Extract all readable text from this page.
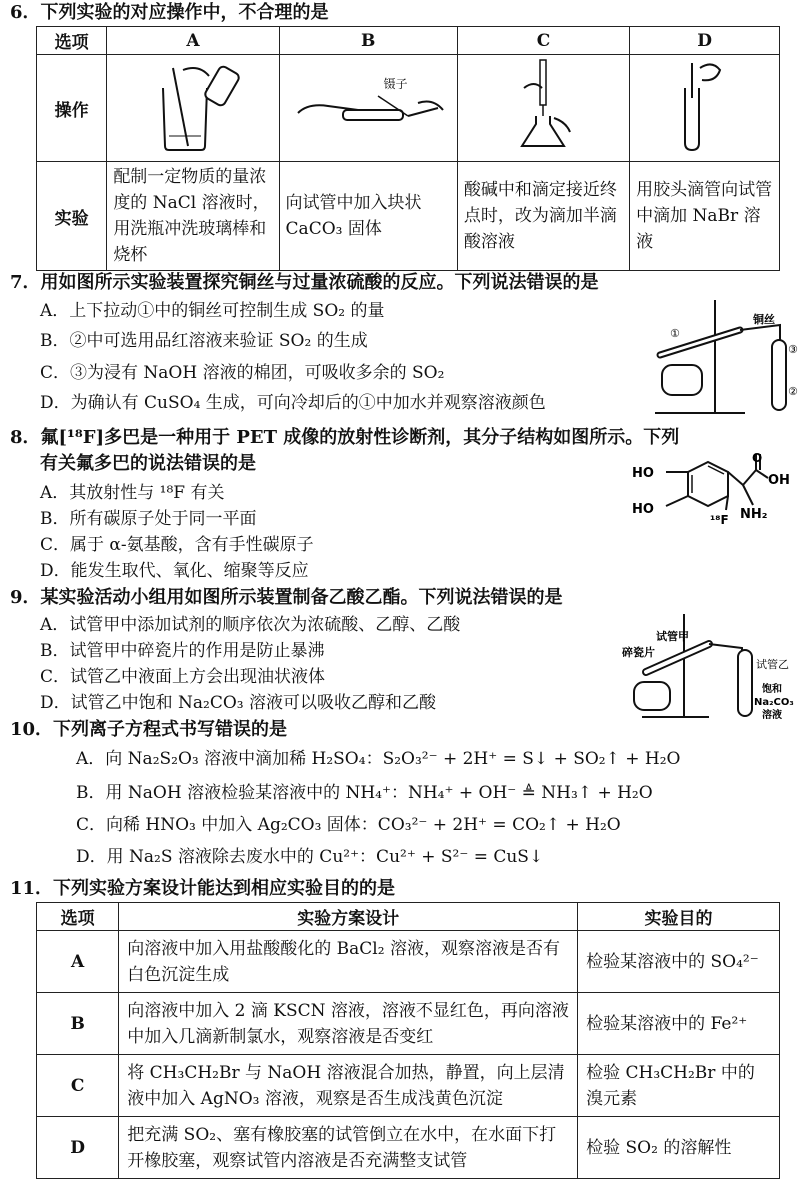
6．下列实验的对应操作中，不合理的是
选项	A	B	C	D
操作		镊子

实验	配制一定物质的量浓度的 NaCl 溶液时，用洗瓶冲洗玻璃棒和烧杯	向试管中加入块状 CaCO₃ 固体	酸碱中和滴定接近终点时，改为滴加半滴酸溶液	用胶头滴管向试管中滴加 NaBr 溶液
7．用如图所示实验装置探究铜丝与过量浓硫酸的反应。下列说法错误的是
A．上下拉动①中的铜丝可控制生成 SO₂ 的量
B．②中可选用品红溶液来验证 SO₂ 的生成
C．③为浸有 NaOH 溶液的棉团，可吸收多余的 SO₂
D．为确认有 CuSO₄ 生成，可向冷却后的①中加水并观察溶液颜色
①
③
②
铜丝
8．氟[¹⁸F]多巴是一种用于 PET 成像的放射性诊断剂，其分子结构如图所示。下列
有关氟多巴的说法错误的是
A．其放射性与 ¹⁸F 有关
B．所有碳原子处于同一平面
C．属于 α-氨基酸，含有手性碳原子
D．能发生取代、氧化、缩聚等反应
HO
HO
O
OH
NH₂
¹⁸F
9．某实验活动小组用如图所示装置制备乙酸乙酯。下列说法错误的是
A．试管甲中添加试剂的顺序依次为浓硫酸、乙醇、乙酸
B．试管甲中碎瓷片的作用是防止暴沸
C．试管乙中液面上方会出现油状液体
D．试管乙中饱和 Na₂CO₃ 溶液可以吸收乙醇和乙酸
试管甲
碎瓷片
试管乙
饱和
Na₂CO₃
溶液
10．下列离子方程式书写错误的是
A．向 Na₂S₂O₃ 溶液中滴加稀 H₂SO₄：S₂O₃²⁻ + 2H⁺ = S↓ + SO₂↑ + H₂O
B．用 NaOH 溶液检验某溶液中的 NH₄⁺：NH₄⁺ + OH⁻ ≜ NH₃↑ + H₂O
C．向稀 HNO₃ 中加入 Ag₂CO₃ 固体：CO₃²⁻ + 2H⁺ = CO₂↑ + H₂O
D．用 Na₂S 溶液除去废水中的 Cu²⁺：Cu²⁺ + S²⁻ = CuS↓
11．下列实验方案设计能达到相应实验目的的是
选项	实验方案设计	实验目的
A	向溶液中加入用盐酸酸化的 BaCl₂ 溶液，观察溶液是否有白色沉淀生成	检验某溶液中的 SO₄²⁻
B	向溶液中加入 2 滴 KSCN 溶液，溶液不显红色，再向溶液中加入几滴新制氯水，观察溶液是否变红	检验某溶液中的 Fe²⁺
C	将 CH₃CH₂Br 与 NaOH 溶液混合加热，静置，向上层清液中加入 AgNO₃ 溶液，观察是否生成浅黄色沉淀	检验 CH₃CH₂Br 中的溴元素
D	把充满 SO₂、塞有橡胶塞的试管倒立在水中，在水面下打开橡胶塞，观察试管内溶液是否充满整支试管	检验 SO₂ 的溶解性
